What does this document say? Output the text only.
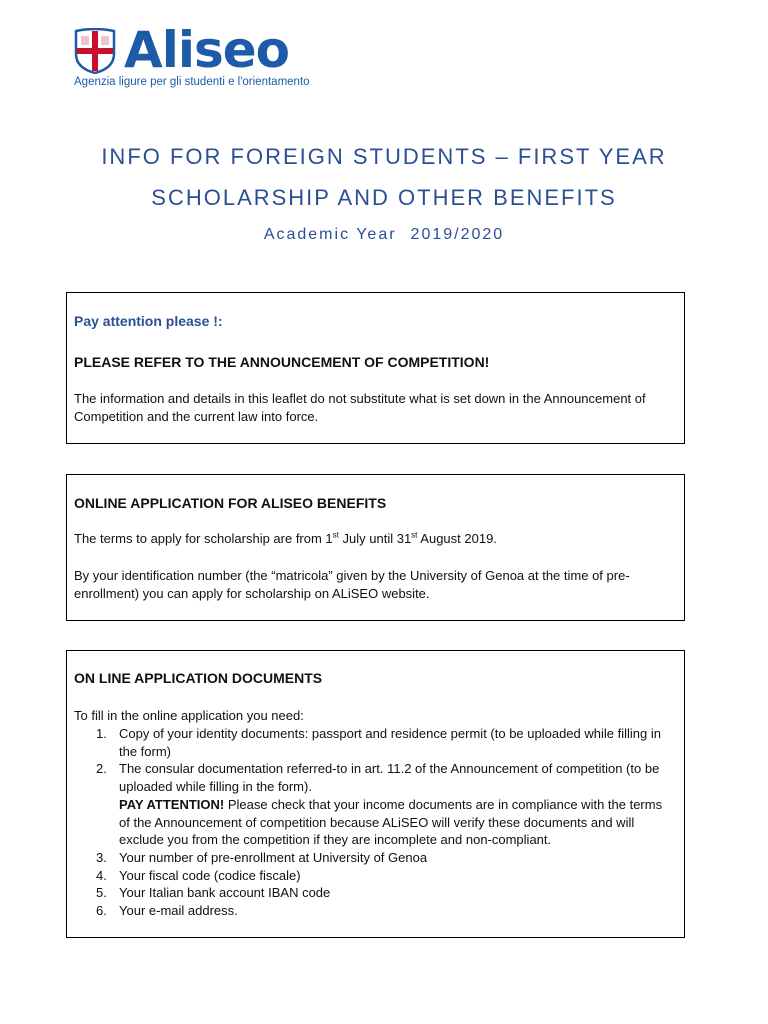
Aliseo
Agenzia ligure per gli studenti e l'orientamento
INFO FOR FOREIGN STUDENTS – FIRST YEAR
SCHOLARSHIP AND OTHER BENEFITS
Academic Year 2019/2020

Pay attention please !:

PLEASE REFER TO THE ANNOUNCEMENT OF COMPETITION!

The information and details in this leaflet do not substitute what is set down in the Announcement of Competition and the current law into force.

ONLINE APPLICATION FOR ALISEO BENEFITS

The terms to apply for scholarship are from 1st July until 31st August 2019.

By your identification number (the “matricola” given by the University of Genoa at the time of pre-enrollment) you can apply for scholarship on ALiSEO website.

ON LINE APPLICATION DOCUMENTS

To fill in the online application you need:

1. Copy of your identity documents: passport and residence permit (to be uploaded while filling in the form)
2. The consular documentation referred-to in art. 11.2 of the Announcement of competition (to be uploaded while filling in the form).
PAY ATTENTION! Please check that your income documents are in compliance with the terms of the Announcement of competition because ALiSEO will verify these documents and will exclude you from the competition if they are incomplete and non-compliant.
3. Your number of pre-enrollment at University of Genoa
4. Your fiscal code (codice fiscale)
5. Your Italian bank account IBAN code
6. Your e-mail address.
